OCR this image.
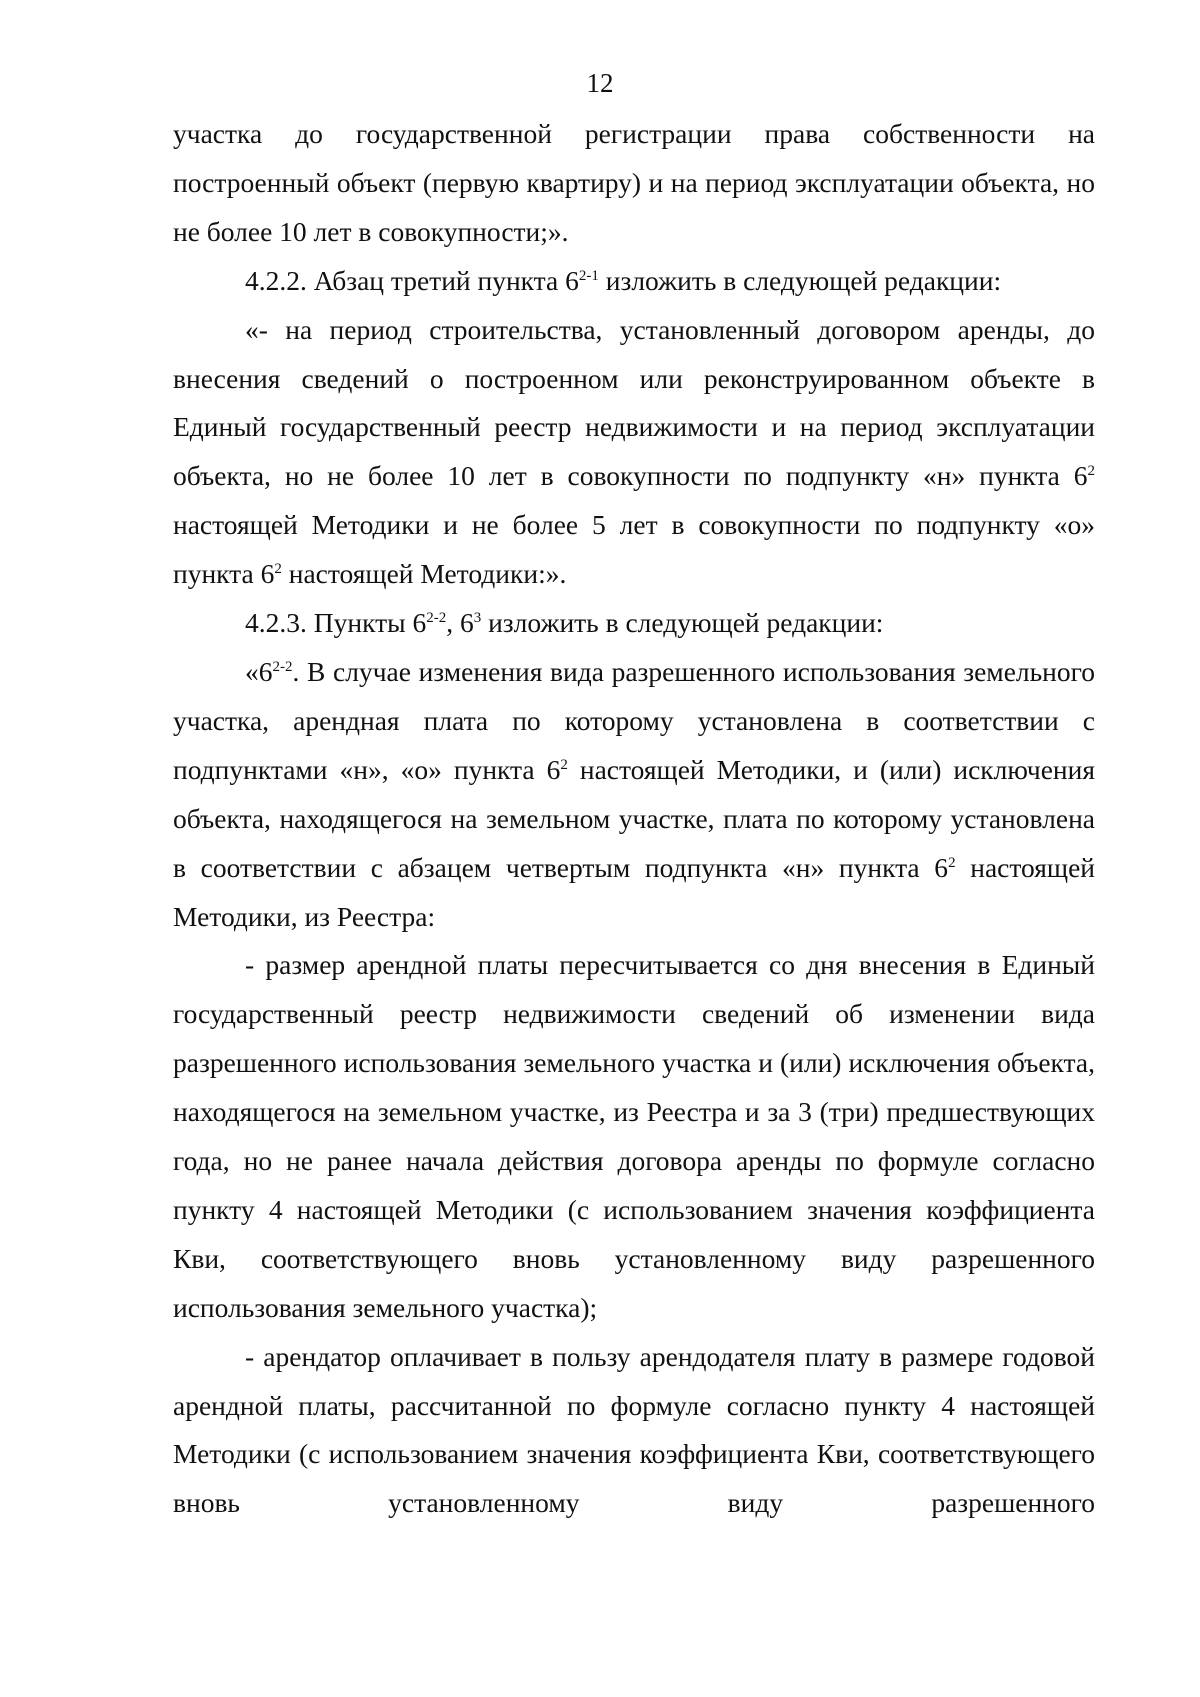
12

участка до государственной регистрации права собственности на построенный объект (первую квартиру) и на период эксплуатации объекта, но не более 10 лет в совокупности;».

4.2.2. Абзац третий пункта 6$^{2-1}$ изложить в следующей редакции:

«- на период строительства, установленный договором аренды, до внесения сведений о построенном или реконструированном объекте в Единый государственный реестр недвижимости и на период эксплуатации объекта, но не более 10 лет в совокупности по подпункту «н» пункта $6^2$ настоящей Методики и не более 5 лет в совокупности по подпункту «о» пункта $6^2$ настоящей Методики:».

4.2.3. Пункты 6$^{2-2}$, $6^3$ изложить в следующей редакции:

«6$^{2-2}$. В случае изменения вида разрешенного использования земельного участка, арендная плата по которому установлена в соответствии с подпунктами «н», «о» пункта $6^2$ настоящей Методики, и (или) исключения объекта, находящегося на земельном участке, плата по которому установлена в соответствии с абзацем четвертым подпункта «н» пункта $6^2$ настоящей Методики, из Реестра:

- размер арендной платы пересчитывается со дня внесения в Единый государственный реестр недвижимости сведений об изменении вида разрешенного использования земельного участка и (или) исключения объекта, находящегося на земельном участке, из Реестра и за 3 (три) предшествующих года, но не ранее начала действия договора аренды по формуле согласно пункту 4 настоящей Методики (с использованием значения коэффициента Кви, соответствующего вновь установленному виду разрешенного использования земельного участка);

- арендатор оплачивает в пользу арендодателя плату в размере годовой арендной платы, рассчитанной по формуле согласно пункту 4 настоящей Методики (с использованием значения коэффициента Кви, соответствующего вновь установленному виду разрешенного
